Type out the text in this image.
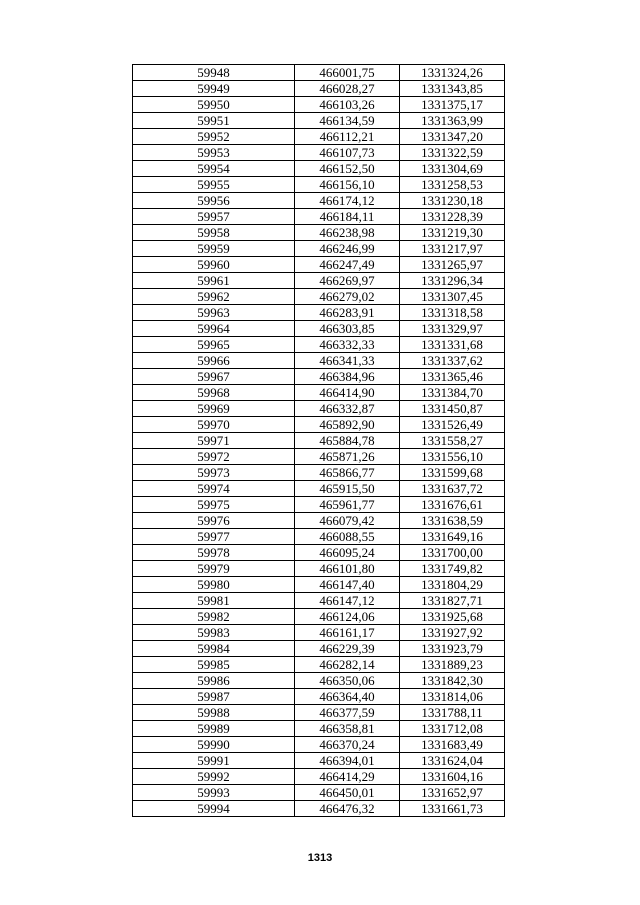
59948	466001,75	1331324,26
59949	466028,27	1331343,85
59950	466103,26	1331375,17
59951	466134,59	1331363,99
59952	466112,21	1331347,20
59953	466107,73	1331322,59
59954	466152,50	1331304,69
59955	466156,10	1331258,53
59956	466174,12	1331230,18
59957	466184,11	1331228,39
59958	466238,98	1331219,30
59959	466246,99	1331217,97
59960	466247,49	1331265,97
59961	466269,97	1331296,34
59962	466279,02	1331307,45
59963	466283,91	1331318,58
59964	466303,85	1331329,97
59965	466332,33	1331331,68
59966	466341,33	1331337,62
59967	466384,96	1331365,46
59968	466414,90	1331384,70
59969	466332,87	1331450,87
59970	465892,90	1331526,49
59971	465884,78	1331558,27
59972	465871,26	1331556,10
59973	465866,77	1331599,68
59974	465915,50	1331637,72
59975	465961,77	1331676,61
59976	466079,42	1331638,59
59977	466088,55	1331649,16
59978	466095,24	1331700,00
59979	466101,80	1331749,82
59980	466147,40	1331804,29
59981	466147,12	1331827,71
59982	466124,06	1331925,68
59983	466161,17	1331927,92
59984	466229,39	1331923,79
59985	466282,14	1331889,23
59986	466350,06	1331842,30
59987	466364,40	1331814,06
59988	466377,59	1331788,11
59989	466358,81	1331712,08
59990	466370,24	1331683,49
59991	466394,01	1331624,04
59992	466414,29	1331604,16
59993	466450,01	1331652,97
59994	466476,32	1331661,73
1313
